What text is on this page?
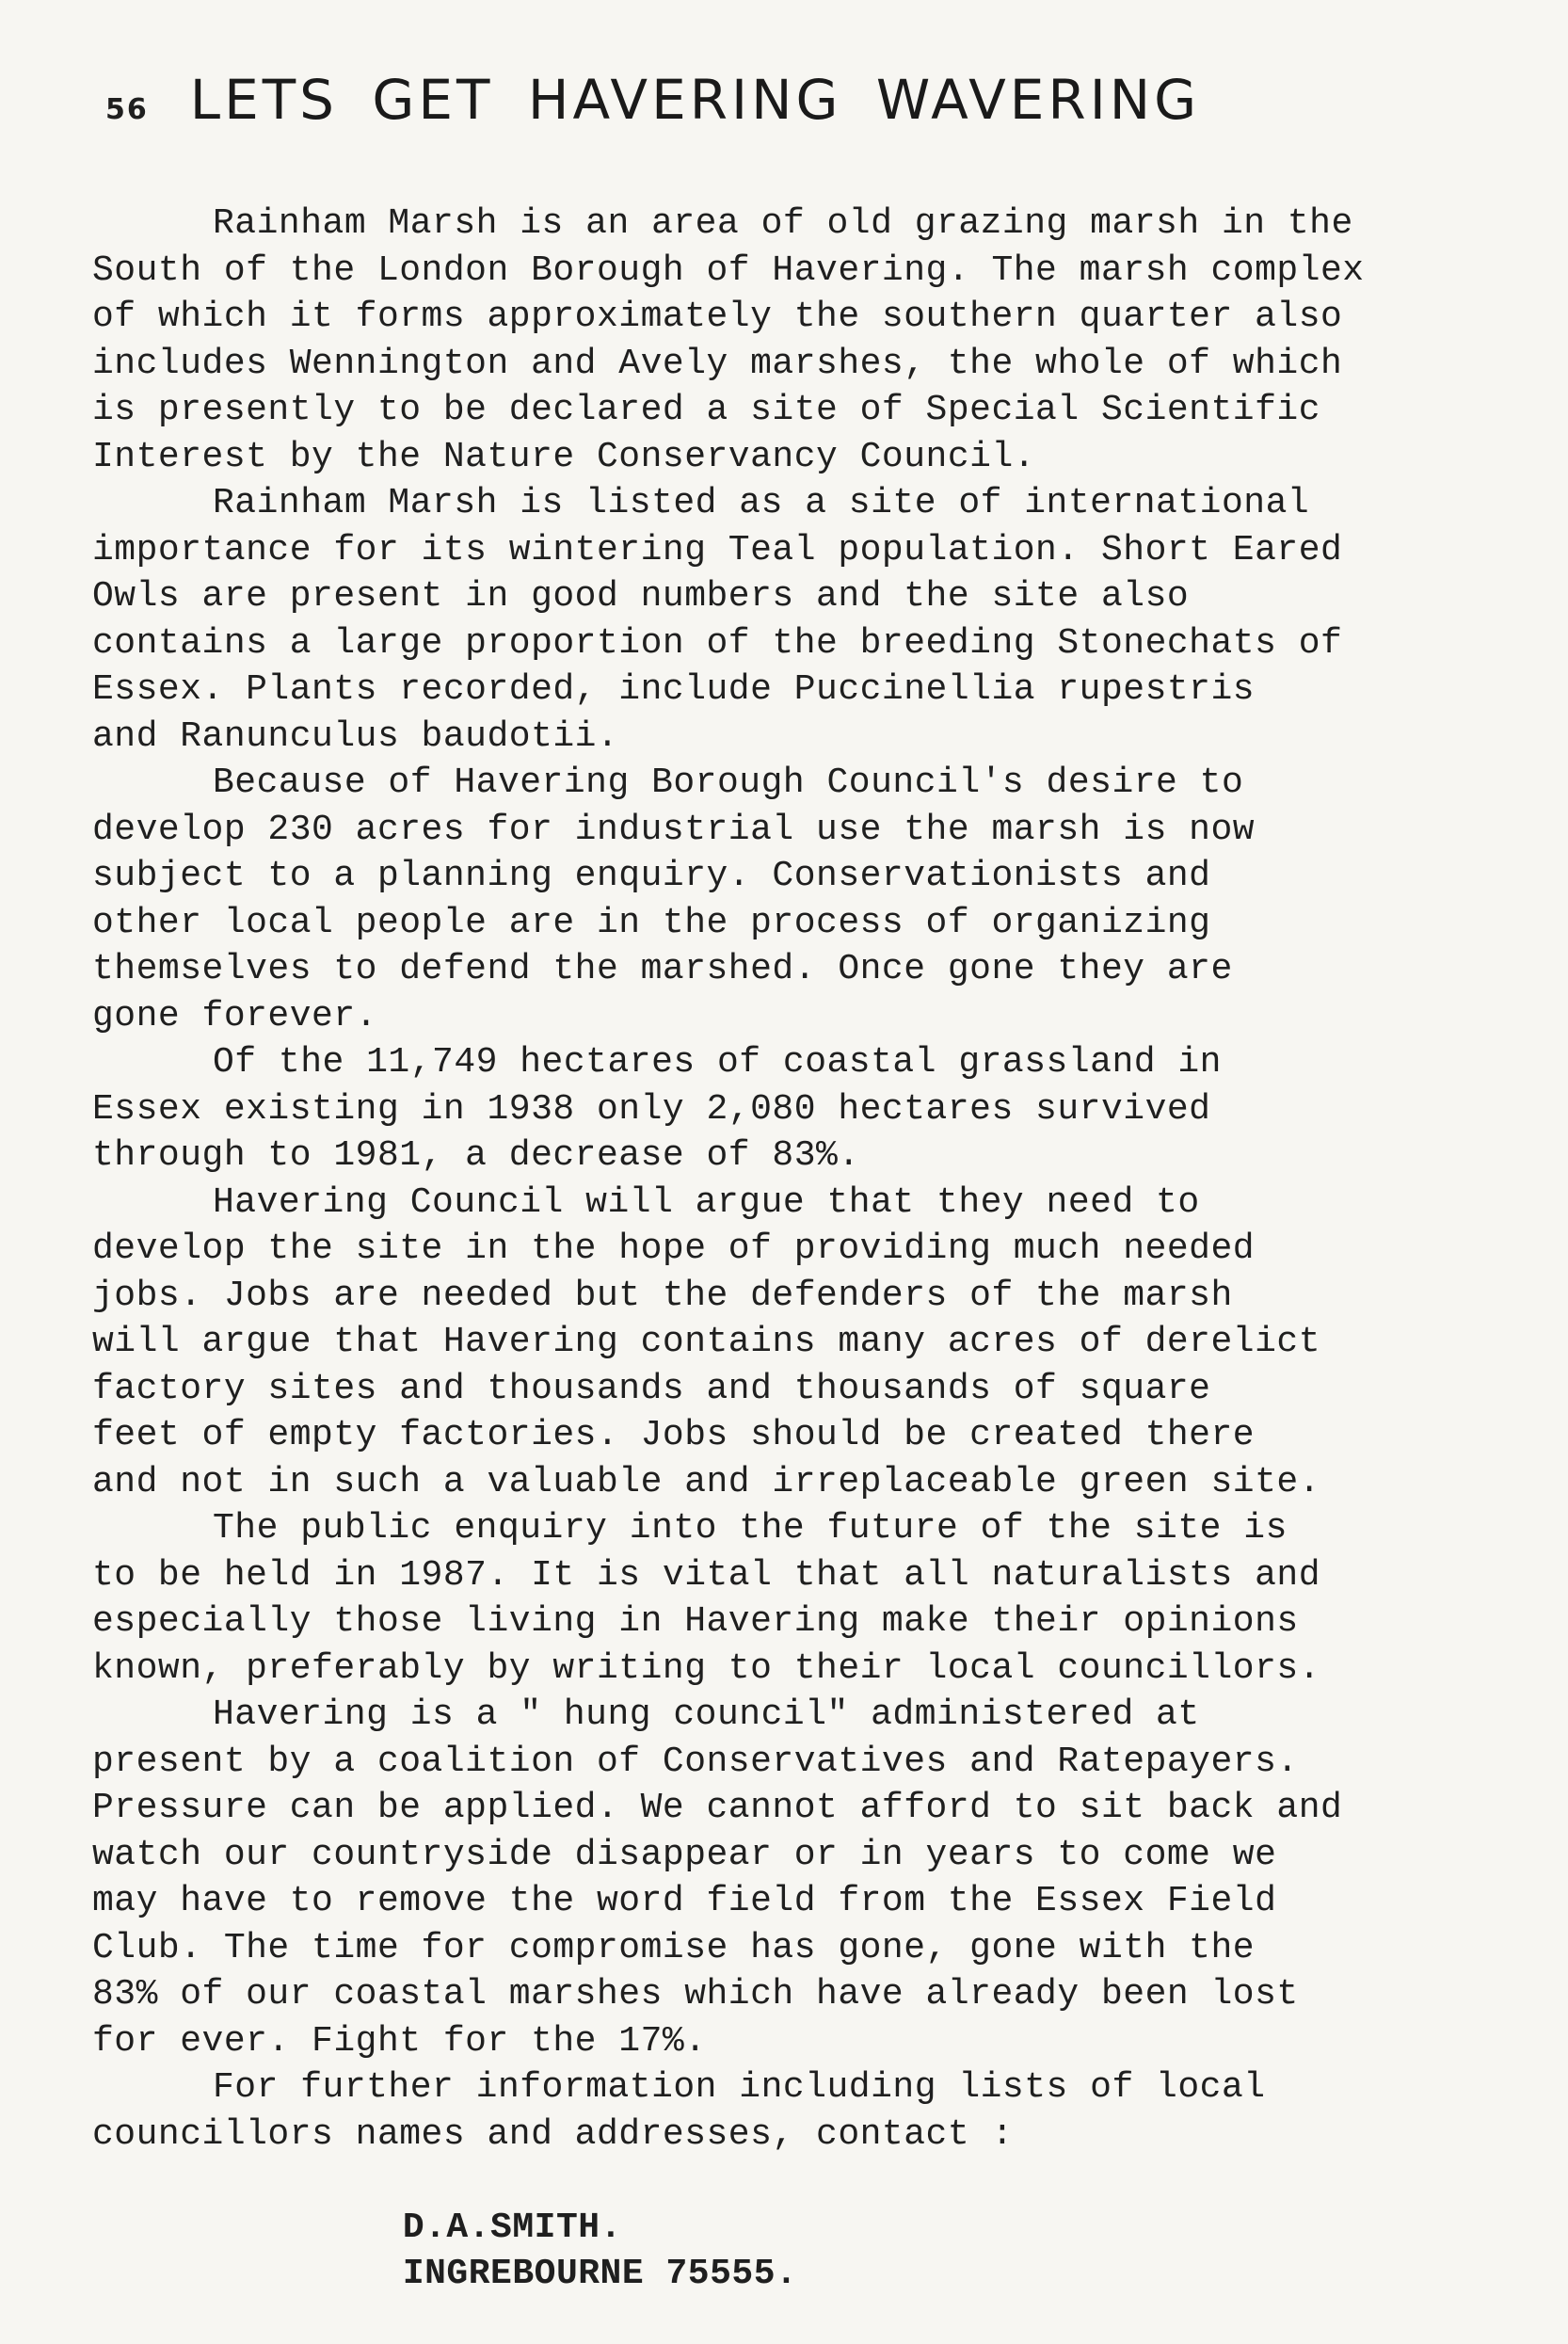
56 LETS GET HAVERING WAVERING
Rainham Marsh is an area of old grazing marsh in the
South of the London Borough of Havering. The marsh complex
of which it forms approximately the southern quarter also
includes Wennington and Avely marshes, the whole of which
is presently to be declared a site of Special Scientific
Interest by the Nature Conservancy Council.
Rainham Marsh is listed as a site of international
importance for its wintering Teal population. Short Eared
Owls are present in good numbers and the site also
contains a large proportion of the breeding Stonechats of
Essex. Plants recorded, include Puccinellia rupestris
and Ranunculus baudotii.
Because of Havering Borough Council's desire to
develop 230 acres for industrial use the marsh is now
subject to a planning enquiry. Conservationists and
other local people are in the process of organizing
themselves to defend the marshed. Once gone they are
gone forever.
Of the 11,749 hectares of coastal grassland in
Essex existing in 1938 only 2,080 hectares survived
through to 1981, a decrease of 83%.
Havering Council will argue that they need to
develop the site in the hope of providing much needed
jobs. Jobs are needed but the defenders of the marsh
will argue that Havering contains many acres of derelict
factory sites and thousands and thousands of square
feet of empty factories. Jobs should be created there
and not in such a valuable and irreplaceable green site.
The public enquiry into the future of the site is
to be held in 1987. It is vital that all naturalists and
especially those living in Havering make their opinions
known, preferably by writing to their local councillors.
Havering is a " hung council" administered at
present by a coalition of Conservatives and Ratepayers.
Pressure can be applied. We cannot afford to sit back and
watch our countryside disappear or in years to come we
may have to remove the word field from the Essex Field
Club. The time for compromise has gone, gone with the
83% of our coastal marshes which have already been lost
for ever. Fight for the 17%.
For further information including lists of local
councillors names and addresses, contact :

D.A.SMITH.
INGREBOURNE 75555.
